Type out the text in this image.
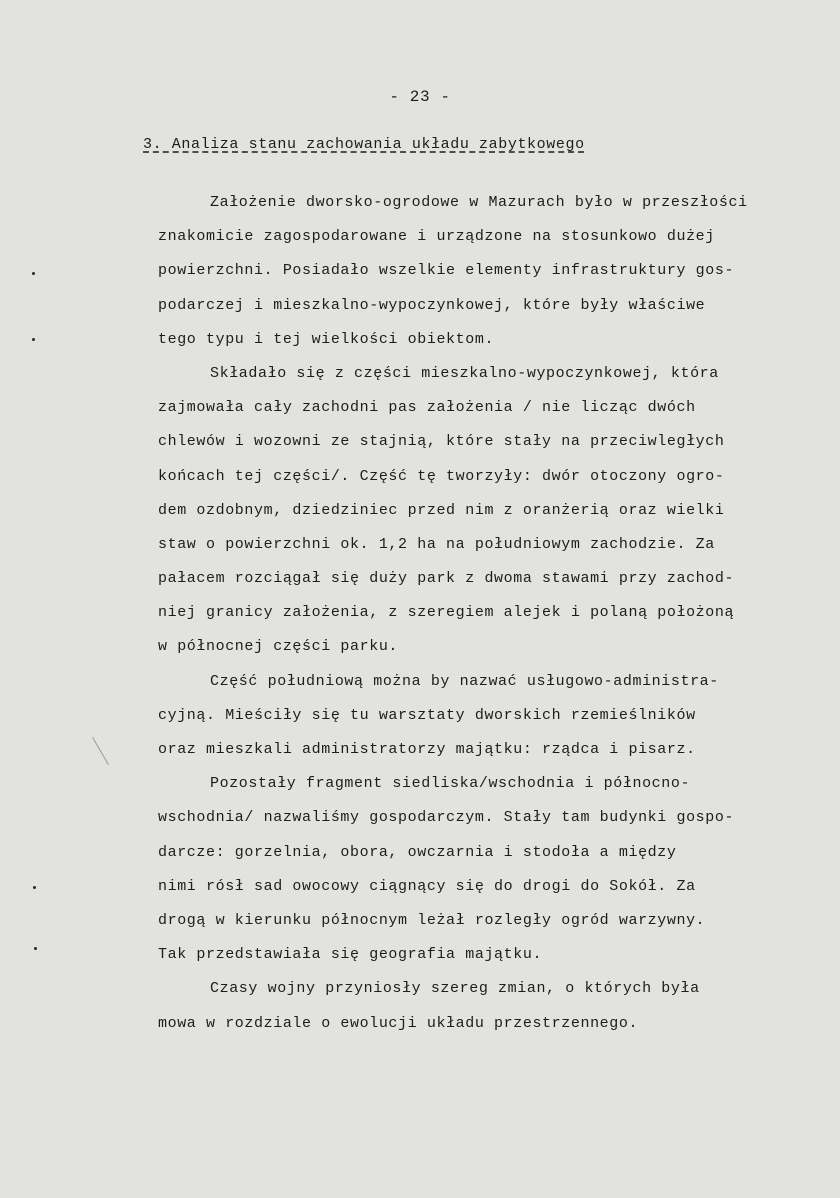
- 23 -
3. Analiza stanu zachowania układu zabytkowego
Założenie dworsko-ogrodowe w Mazurach było w przeszłości
znakomicie zagospodarowane i urządzone na stosunkowo dużej
powierzchni. Posiadało wszelkie elementy infrastruktury gos-
podarczej i mieszkalno-wypoczynkowej, które były właściwe
tego typu i tej wielkości obiektom.
Składało się z części mieszkalno-wypoczynkowej, która
zajmowała cały zachodni pas założenia / nie licząc dwóch
chlewów i wozowni ze stajnią, które stały na przeciwległych
końcach tej części/. Część tę tworzyły: dwór otoczony ogro-
dem ozdobnym, dziedziniec przed nim z oranżerią oraz wielki
staw o powierzchni ok. 1,2 ha na południowym zachodzie. Za
pałacem rozciągał się duży park z dwoma stawami przy zachod-
niej granicy założenia, z szeregiem alejek i polaną położoną
w północnej części parku.
Część południową można by nazwać usługowo-administra-
cyjną. Mieściły się tu warsztaty dworskich rzemieślników
oraz mieszkali administratorzy majątku: rządca i pisarz.
Pozostały fragment siedliska/wschodnia i północno-
wschodnia/ nazwaliśmy gospodarczym. Stały tam budynki gospo-
darcze: gorzelnia, obora, owczarnia i stodoła a między
nimi rósł sad owocowy ciągnący się do drogi do Sokół. Za
drogą w kierunku północnym leżał rozległy ogród warzywny.
Tak przedstawiała się geografia majątku.
Czasy wojny przyniosły szereg zmian, o których była
mowa w rozdziale o ewolucji układu przestrzennego.
